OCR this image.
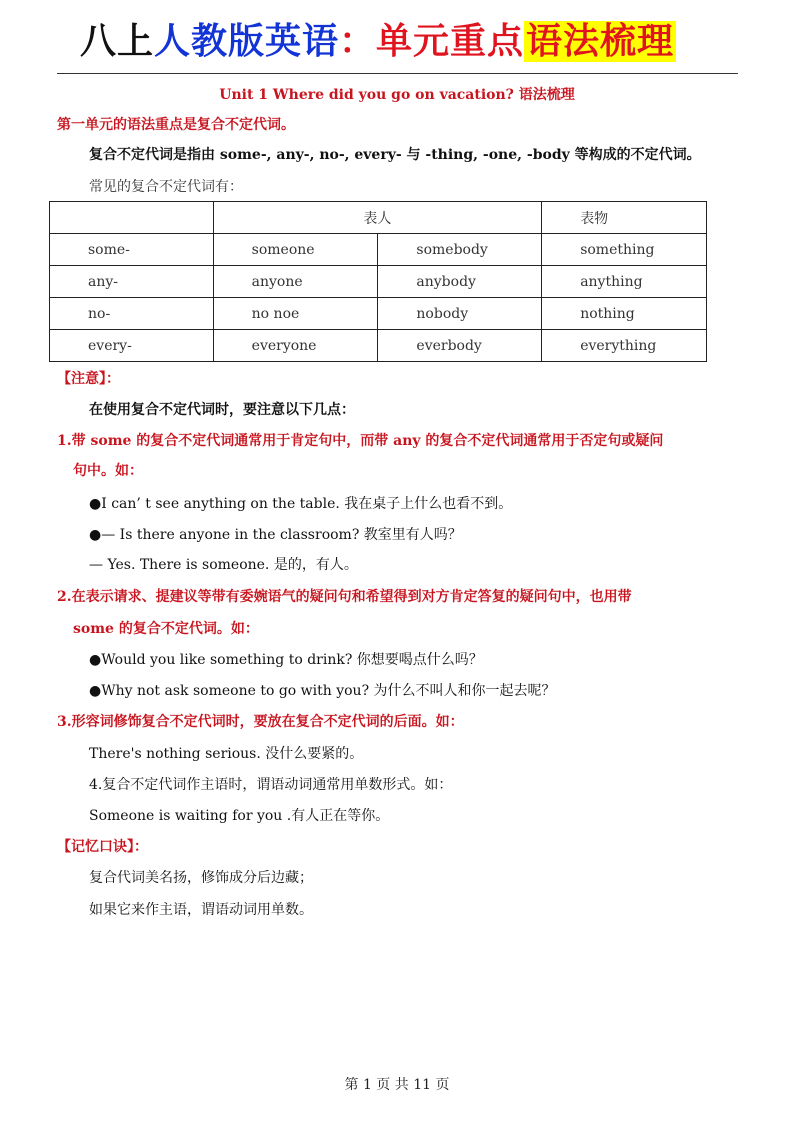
八上人教版英语：单元重点语法梳理
Unit 1 Where did you go on vacation? 语法梳理
第一单元的语法重点是复合不定代词。
复合不定代词是指由 some-, any-, no-, every- 与 -thing, -one, -body 等构成的不定代词。
常见的复合不定代词有：
	表人		表物
some-	someone	somebody	something
any-	anyone	anybody	anything
no-	no noe	nobody	nothing
every-	everyone	everbody	everything
【注意】：
在使用复合不定代词时，要注意以下几点：
1.带 some 的复合不定代词通常用于肯定句中，而带 any 的复合不定代词通常用于否定句或疑问
句中。如：
●I can’ t see anything on the table. 我在桌子上什么也看不到。
●— Is there anyone in the classroom? 教室里有人吗？
— Yes. There is someone. 是的，有人。
2.在表示请求、提建议等带有委婉语气的疑问句和希望得到对方肯定答复的疑问句中，也用带
some 的复合不定代词。如：
●Would you like something to drink? 你想要喝点什么吗？
●Why not ask someone to go with you? 为什么不叫人和你一起去呢？
3.形容词修饰复合不定代词时，要放在复合不定代词的后面。如：
There's nothing serious. 没什么要紧的。
4.复合不定代词作主语时，谓语动词通常用单数形式。如：
Someone is waiting for you .有人正在等你。
【记忆口诀】：
复合代词美名扬，修饰成分后边藏；
如果它来作主语，谓语动词用单数。
第 1 页 共 11 页
